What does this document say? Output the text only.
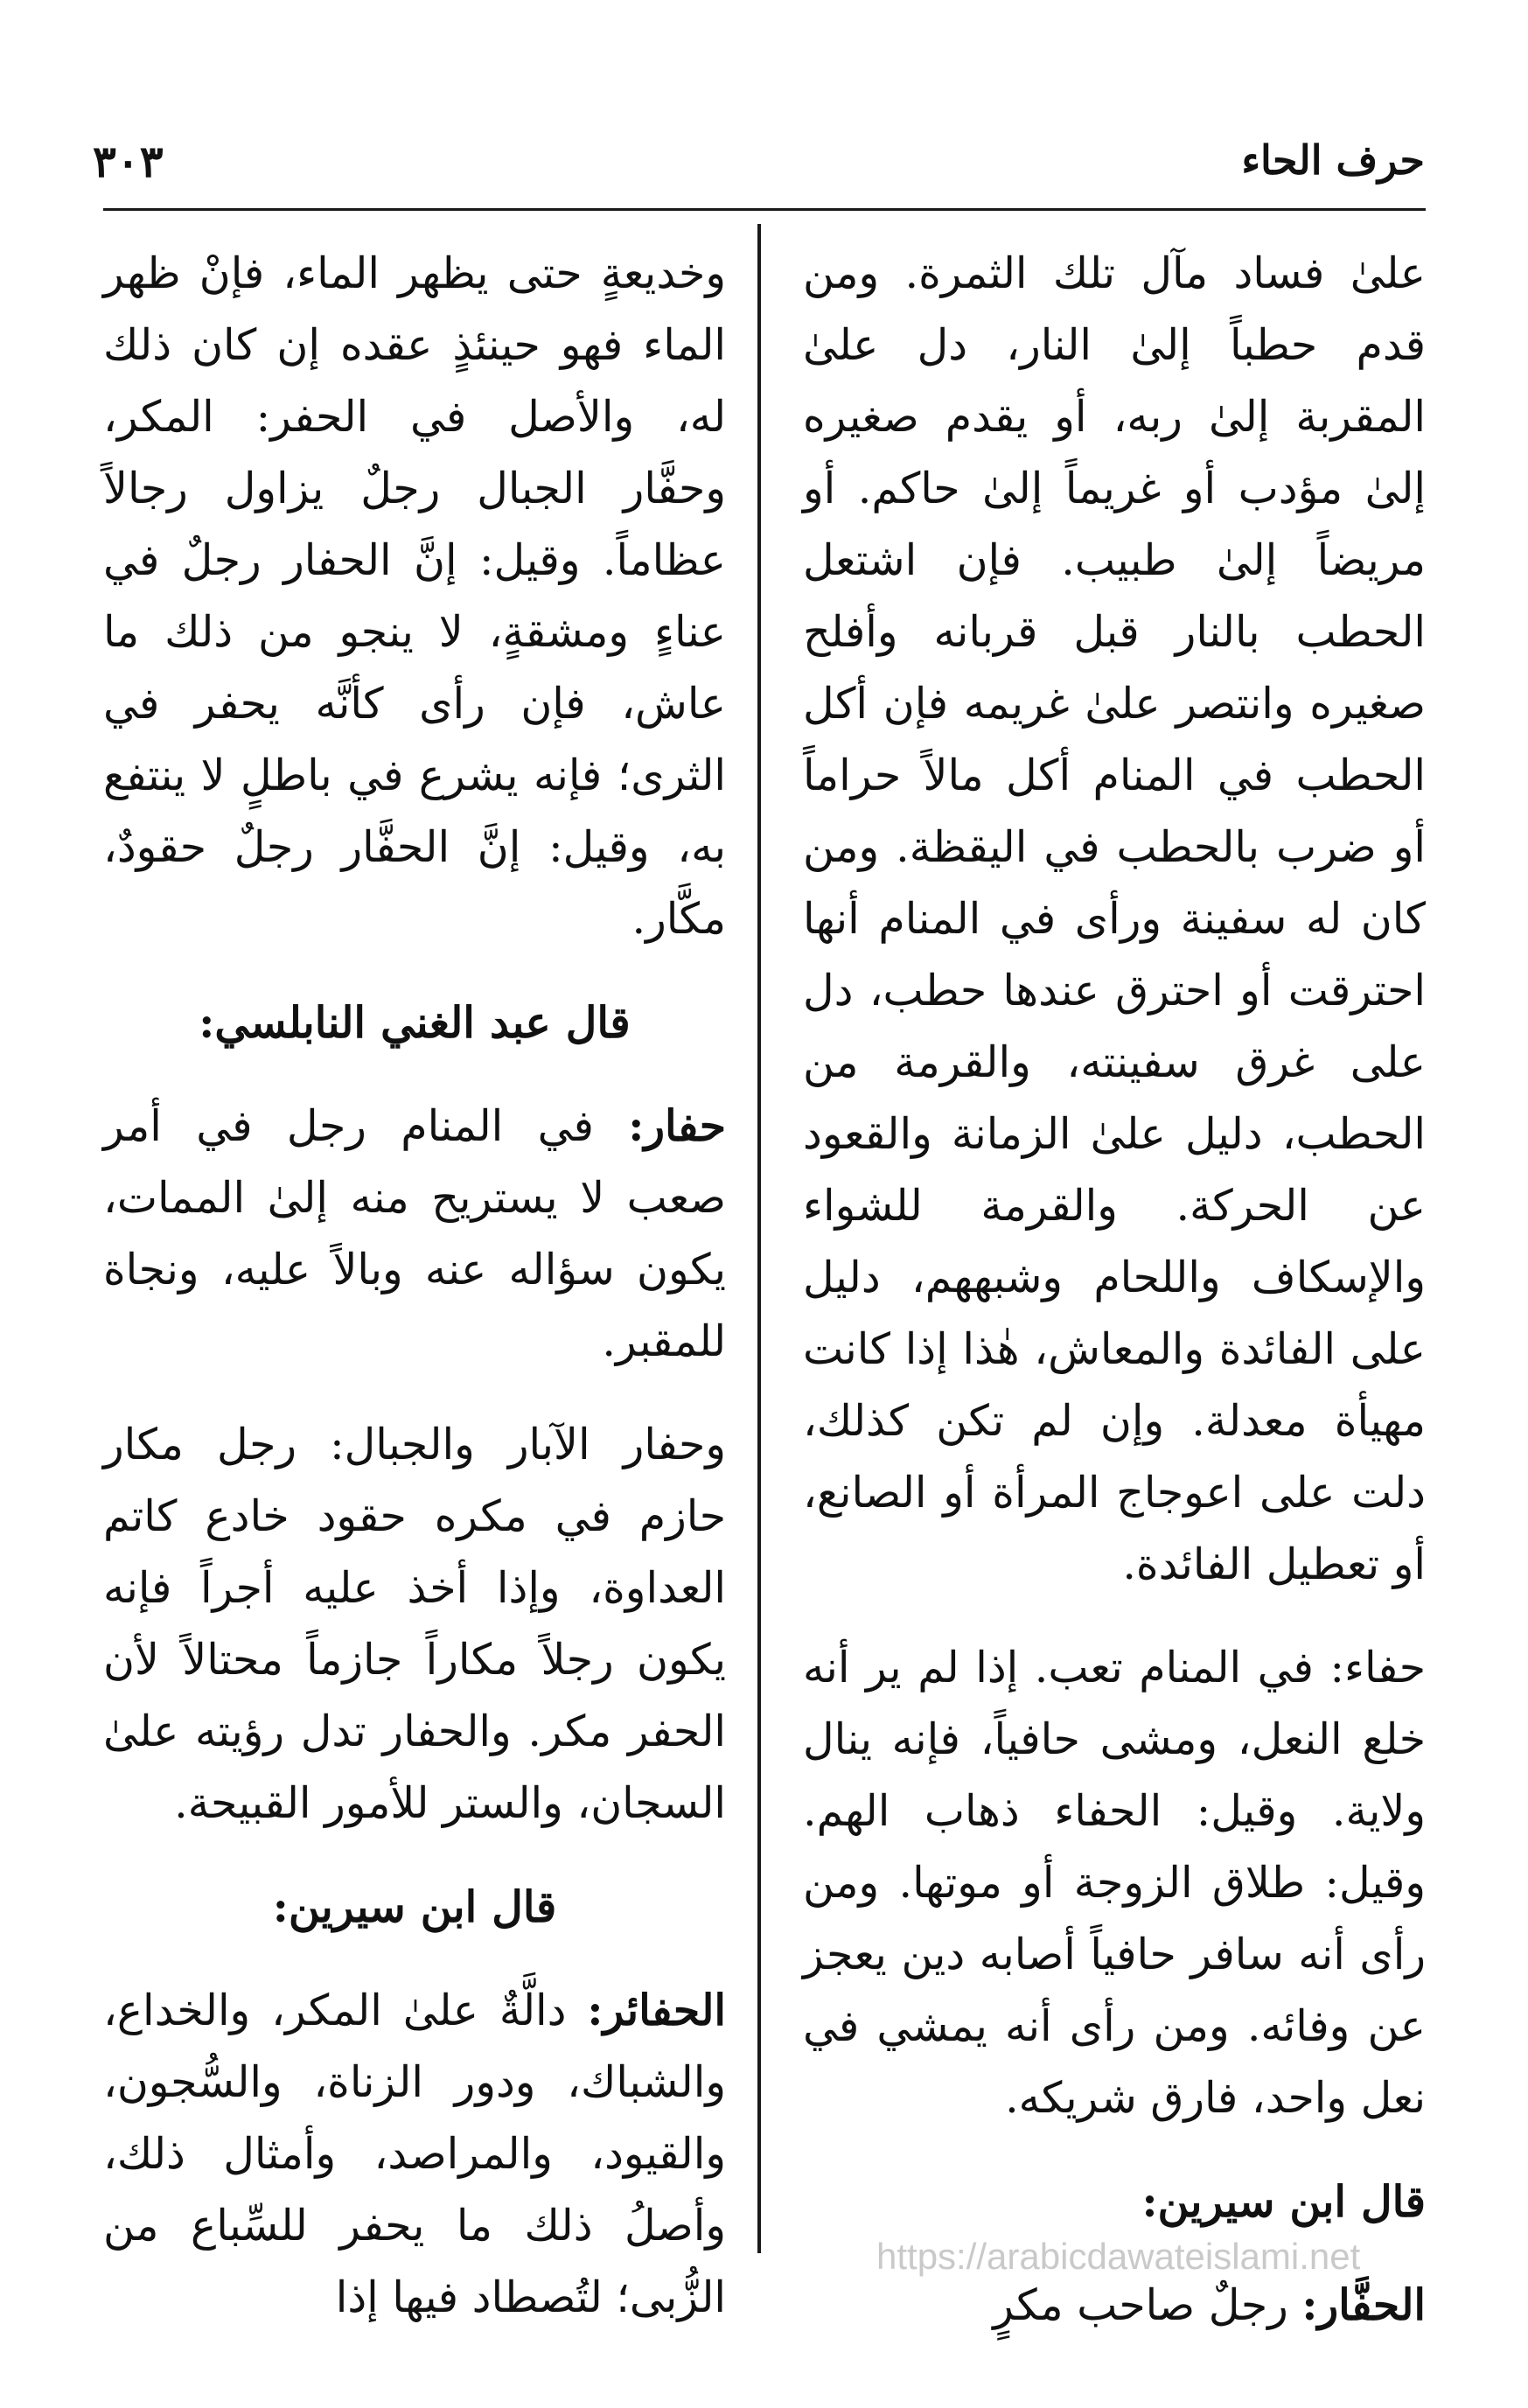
حرف الحاء
٣٠٣

علىٰ فساد مآل تلك الثمرة. ومن قدم حطباً إلىٰ النار، دل علىٰ المقربة إلىٰ ربه، أو يقدم صغيره إلىٰ مؤدب أو غريماً إلىٰ حاكم. أو مريضاً إلىٰ طبيب. فإن اشتعل الحطب بالنار قبل قربانه وأفلح صغيره وانتصر علىٰ غريمه فإن أكل الحطب في المنام أكل مالاً حراماً أو ضرب بالحطب في اليقظة. ومن كان له سفينة ورأى في المنام أنها احترقت أو احترق عندها حطب، دل على غرق سفينته، والقرمة من الحطب، دليل علىٰ الزمانة والقعود عن الحركة. والقرمة للشواء والإسكاف واللحام وشبههم، دليل على الفائدة والمعاش، هٰذا إذا كانت مهيأة معدلة. وإن لم تكن كذلك، دلت على اعوجاج المرأة أو الصانع، أو تعطيل الفائدة.

حفاء: في المنام تعب. إذا لم ير أنه خلع النعل، ومشى حافياً، فإنه ينال ولاية. وقيل: الحفاء ذهاب الهم. وقيل: طلاق الزوجة أو موتها. ومن رأى أنه سافر حافياً أصابه دين يعجز عن وفائه. ومن رأى أنه يمشي في نعل واحد، فارق شريكه.

قال ابن سيرين:

الحفَّار: رجلٌ صاحب مكرٍ

وخديعةٍ حتى يظهر الماء، فإنْ ظهر الماء فهو حينئذٍ عقده إن كان ذلك له، والأصل في الحفر: المكر، وحفَّار الجبال رجلٌ يزاول رجالاً عظاماً. وقيل: إنَّ الحفار رجلٌ في عناءٍ ومشقةٍ، لا ينجو من ذلك ما عاش، فإن رأى كأنَّه يحفر في الثرى؛ فإنه يشرع في باطلٍ لا ينتفع به، وقيل: إنَّ الحفَّار رجلٌ حقودٌ، مكَّار.

قال عبد الغني النابلسي:

حفار: في المنام رجل في أمر صعب لا يستريح منه إلىٰ الممات، يكون سؤاله عنه وبالاً عليه، ونجاة للمقبر.

وحفار الآبار والجبال: رجل مكار حازم في مكره حقود خادع كاتم العداوة، وإذا أخذ عليه أجراً فإنه يكون رجلاً مكاراً جازماً محتالاً لأن الحفر مكر. والحفار تدل رؤيته علىٰ السجان، والستر للأمور القبيحة.

قال ابن سيرين:

الحفائر: دالَّةٌ علىٰ المكر، والخداع، والشباك، ودور الزناة، والسُّجون، والقيود، والمراصد، وأمثال ذلك، وأصلُ ذلك ما يحفر للسِّباع من الزُّبى؛ لتُصطاد فيها إذا

https://arabicdawateislami.net
